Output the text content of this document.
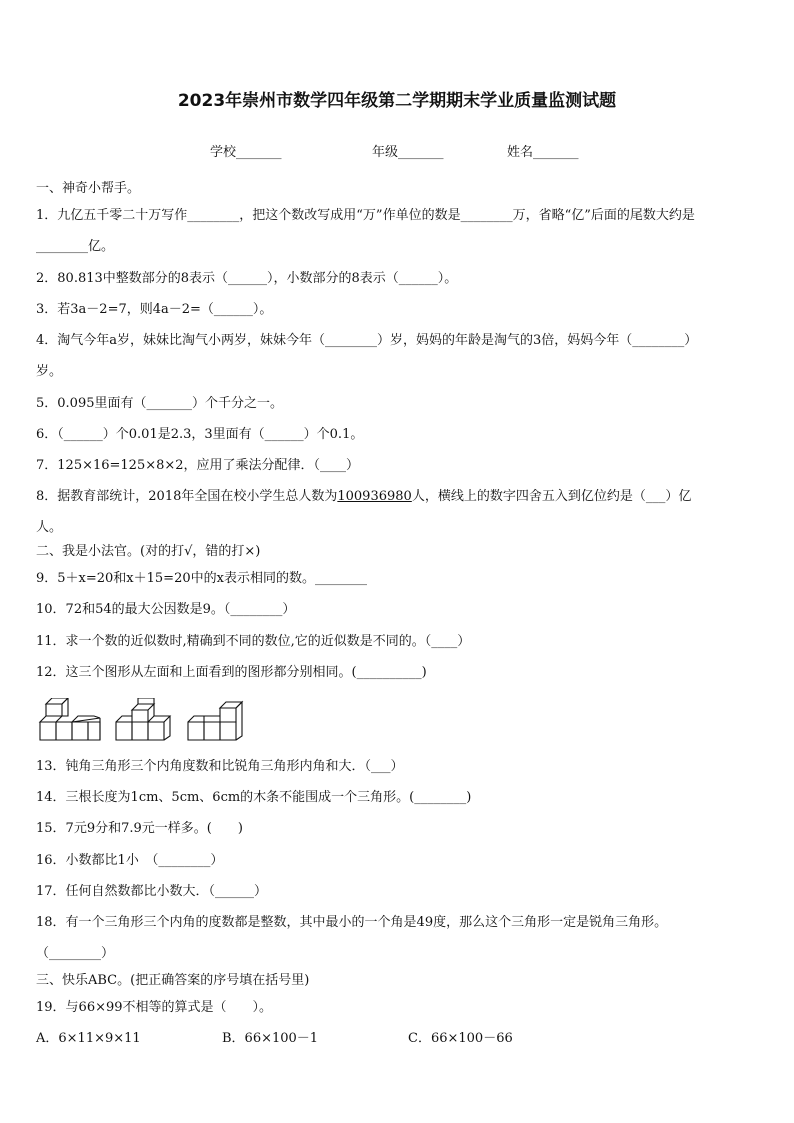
2023年崇州市数学四年级第二学期期末学业质量监测试题
学校_______	年级_______	姓名_______
一、神奇小帮手。
1．九亿五千零二十万写作________，把这个数改写成用“万”作单位的数是________万，省略“亿”后面的尾数大约是
________亿。
2．80.813中整数部分的8表示（______），小数部分的8表示（______）。
3．若3a－2=7，则4a－2=（______）。
4．淘气今年a岁，妹妹比淘气小两岁，妹妹今年（________）岁，妈妈的年龄是淘气的3倍，妈妈今年（________）
岁。
5．0.095里面有（_______）个千分之一。
6．（______）个0.01是2.3，3里面有（______）个0.1。
7．125×16=125×8×2，应用了乘法分配律．（____）
8．据教育部统计，2018年全国在校小学生总人数为100936980人，横线上的数字四舍五入到亿位约是（___）亿
人。
二、我是小法官。(对的打√，错的打×)
9．5＋x=20和x＋15=20中的x表示相同的数。________
10．72和54的最大公因数是9。（________）
11．求一个数的近似数时,精确到不同的数位,它的近似数是不同的。（____）
12．这三个图形从左面和上面看到的图形都分别相同。(__________)
13．钝角三角形三个内角度数和比锐角三角形内角和大．（___）
14．三根长度为1cm、5cm、6cm的木条不能围成一个三角形。(________)
15．7元9分和7.9元一样多。(　　)
16．小数都比1小　（________）
17．任何自然数都比小数大．（______）
18．有一个三角形三个内角的度数都是整数，其中最小的一个角是49度，那么这个三角形一定是锐角三角形。
（________）
三、快乐ABC。(把正确答案的序号填在括号里)
19．与66×99不相等的算式是（　　）。
A．6×11×9×11	B．66×100－1	C．66×100－66
